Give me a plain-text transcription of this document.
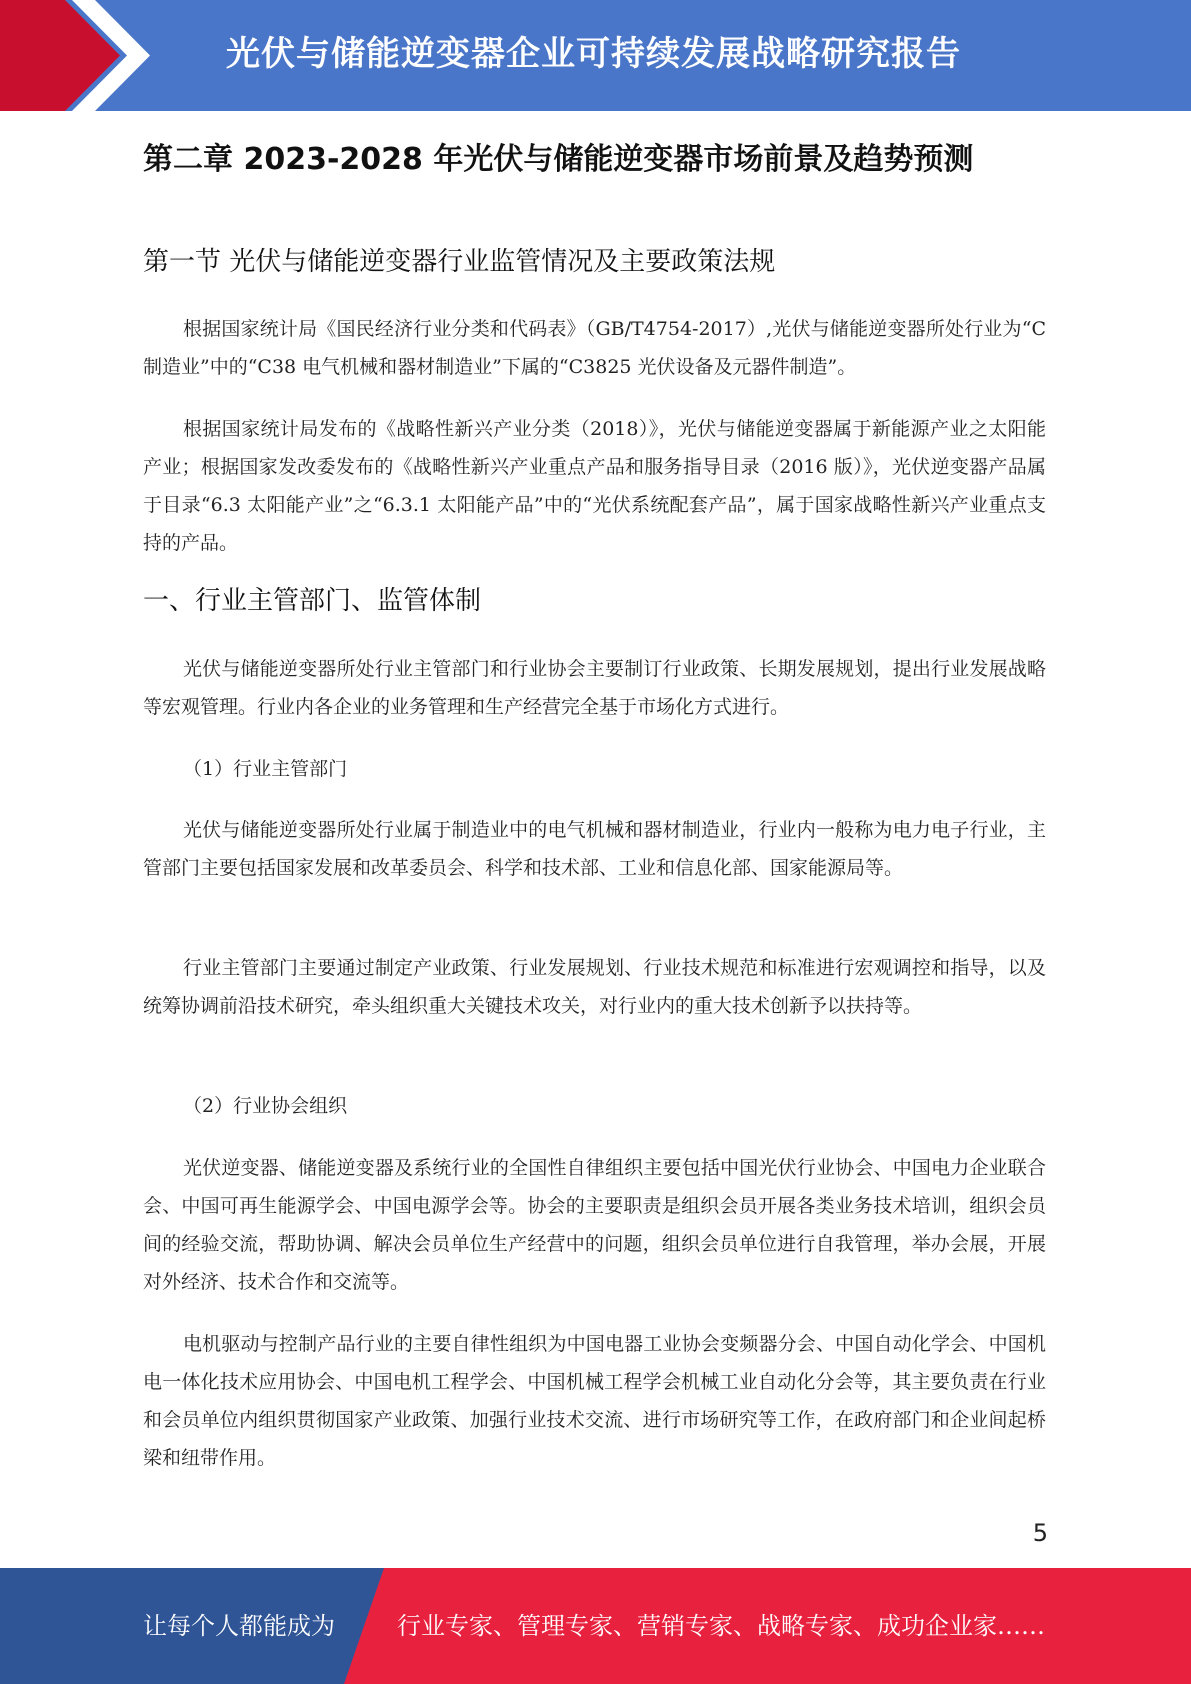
光伏与储能逆变器企业可持续发展战略研究报告
第二章 2023-2028 年光伏与储能逆变器市场前景及趋势预测
第一节 光伏与储能逆变器行业监管情况及主要政策法规

根据国家统计局《国民经济行业分类和代码表》（GB/T4754-2017）,光伏与储能逆变器所处行业为“C 制造业”中的“C38 电气机械和器材制造业”下属的“C3825 光伏设备及元器件制造”。

根据国家统计局发布的《战略性新兴产业分类（2018）》，光伏与储能逆变器属于新能源产业之太阳能产业；根据国家发改委发布的《战略性新兴产业重点产品和服务指导目录（2016 版）》，光伏逆变器产品属于目录“6.3 太阳能产业”之“6.3.1 太阳能产品”中的“光伏系统配套产品”，属于国家战略性新兴产业重点支持的产品。

一、行业主管部门、监管体制

光伏与储能逆变器所处行业主管部门和行业协会主要制订行业政策、长期发展规划，提出行业发展战略等宏观管理。行业内各企业的业务管理和生产经营完全基于市场化方式进行。

（1）行业主管部门

光伏与储能逆变器所处行业属于制造业中的电气机械和器材制造业，行业内一般称为电力电子行业，主管部门主要包括国家发展和改革委员会、科学和技术部、工业和信息化部、国家能源局等。

行业主管部门主要通过制定产业政策、行业发展规划、行业技术规范和标准进行宏观调控和指导，以及统筹协调前沿技术研究，牵头组织重大关键技术攻关，对行业内的重大技术创新予以扶持等。

（2）行业协会组织

光伏逆变器、储能逆变器及系统行业的全国性自律组织主要包括中国光伏行业协会、中国电力企业联合会、中国可再生能源学会、中国电源学会等。协会的主要职责是组织会员开展各类业务技术培训，组织会员间的经验交流，帮助协调、解决会员单位生产经营中的问题，组织会员单位进行自我管理，举办会展，开展对外经济、技术合作和交流等。

电机驱动与控制产品行业的主要自律性组织为中国电器工业协会变频器分会、中国自动化学会、中国机电一体化技术应用协会、中国电机工程学会、中国机械工程学会机械工业自动化分会等，其主要负责在行业和会员单位内组织贯彻国家产业政策、加强行业技术交流、进行市场研究等工作，在政府部门和企业间起桥梁和纽带作用。

5
让每个人都能成为	行业专家、管理专家、营销专家、战略专家、成功企业家……
